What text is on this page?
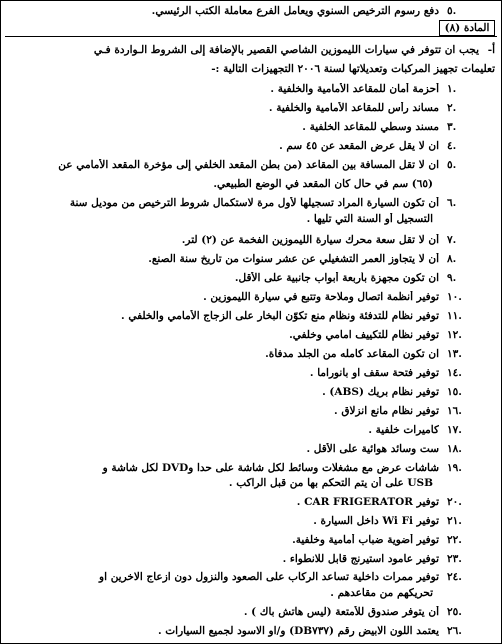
.٥
دفع رسوم الترخيص السنوي ويعامل الفرع معاملة الكتب الرئيسي.
المادة (٨)
أ-
يجب ان تتوفر في سيارات الليموزين الشاصي القصير بالإضافة إلى الشروط الـواردة فـي
تعليمات تجهيز المركبات وتعديلاتها لسنة ٢٠٠٦ التجهيزات التالية :-
.١
أحزمة أمان للمقاعد الأمامية والخلفية .
.٢
مساند رأس للمقاعد الأمامية والخلفية .
.٣
مسند وسطي للمقاعد الخلفية .
.٤
ان لا يقل عرض المقعد عن ٤٥ سم .
.٥
ان لا تقل المسافة بين المقاعد (من بطن المقعد الخلفي إلى مؤخرة المقعد الأمامي عن
(٦٥) سم في حال كان المقعد في الوضع الطبيعي.
.٦
أن تكون السيارة المراد تسجيلها لأول مرة لاستكمال شروط الترخيص من موديل سنة
التسجيل أو السنة التي تليها .
.٧
أن لا تقل سعة محرك سيارة الليموزين الفخمة عن (٢) لتر.
.٨
أن لا يتجاوز العمر التشغيلي عن عشر سنوات من تاريخ سنة الصنع.
.٩
ان تكون مجهزة بأربعة أبواب جانبية على الأقل.
.١٠
توفير أنظمة اتصال وملاحة وتتبع في سيارة الليموزين .
.١١
توفير نظام للتدفئة ونظام منع تكوّن البخار على الزجاج الأمامي والخلفي .
.١٢
توفير نظام للتكييف امامي وخلفي.
.١٣
ان تكون المقاعد كامله من الجلد مدفأة.
.١٤
توفير فتحة سقف او بانوراما .
.١٥
توفير نظام بريك (ABS) .
.١٦
توفير نظام مانع انزلاق .
.١٧
كاميرات خلفية .
.١٨
ست وسائد هوائية على الأقل .
.١٩
شاشات عرض مع مشغلات وسائط لكل شاشة على حدا وDVD لكل شاشة و
USB على أن يتم التحكم بها من قبل الراكب .
.٢٠
توفير CAR FRIGERATOR .
.٢١
توفير Wi Fi داخل السيارة .
.٢٢
توفير أضوية ضباب أمامية وخلفية.
.٢٣
توفير عامود استيرنج قابل للانطواء .
.٢٤
توفير ممرات داخلية تساعد الركاب على الصعود والنزول دون ازعاج الاخرين او
تحريكهم من مقاعدهم .
.٢٥
أن يتوفر صندوق للأمتعة (ليس هاتش باك ) .
.٢٦
يعتمد اللون الابيض رقم (DB٧٣٧) و/او الاسود لجميع السيارات .
